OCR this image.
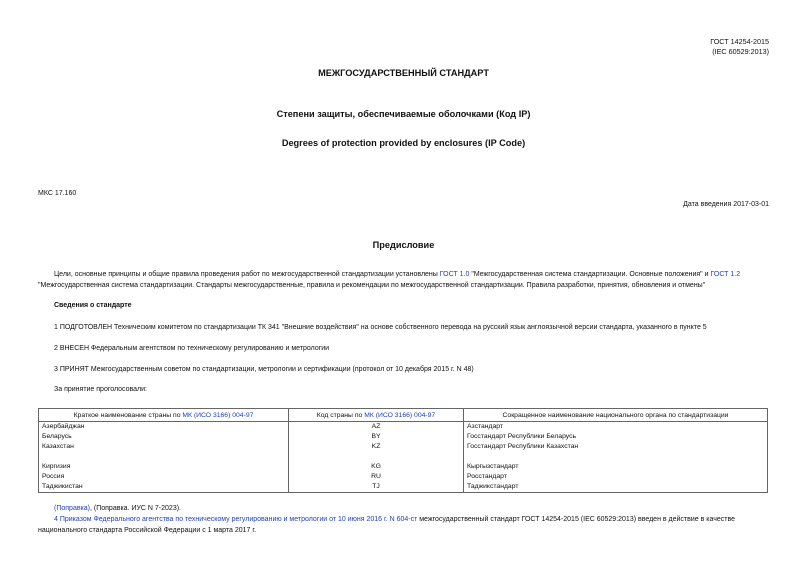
ГОСТ 14254-2015
(IEC 60529:2013)
МЕЖГОСУДАРСТВЕННЫЙ СТАНДАРТ
Степени защиты, обеспечиваемые оболочками (Код IP)
Degrees of protection provided by enclosures (IP Code)
МКС 17.160
Дата введения 2017-03-01
Предисловие

Цели, основные принципы и общие правила проведения работ по межгосударственной стандартизации установлены ГОСТ 1.0 "Межгосударственная система стандартизации. Основные положения" и ГОСТ 1.2 "Межгосударственная система стандартизации. Стандарты межгосударственные, правила и рекомендации по межгосударственной стандартизации. Правила разработки, принятия, обновления и отмены"

Сведения о стандарте

1 ПОДГОТОВЛЕН Техническим комитетом по стандартизации ТК 341 "Внешние воздействия" на основе собственного перевода на русский язык англоязычной версии стандарта, указанного в пункте 5

2 ВНЕСЕН Федеральным агентством по техническому регулированию и метрологии

3 ПРИНЯТ Межгосударственным советом по стандартизации, метрологии и сертификации (протокол от 10 декабря 2015 г. N 48)

За принятие проголосовали:

Краткое наименование страны по МК (ИСО 3166) 004-97	Код страны по МК (ИСО 3166) 004-97	Сокращенное наименование национального органа по стандартизации
Азербайджан	AZ	Азстандарт
Беларусь	BY	Госстандарт Республики Беларусь
Казахстан	KZ	Госстандарт Республики Казахстан

Киргизия	KG	Кыргызстандарт
Россия	RU	Росстандарт
Таджикистан	TJ	Таджикстандарт

(Поправка), (Поправка. ИУС N 7-2023).

4 Приказом Федерального агентства по техническому регулированию и метрологии от 10 июня 2016 г. N 604-ст межгосударственный стандарт ГОСТ 14254-2015 (IEC 60529:2013) введен в действие в качестве национального стандарта Российской Федерации с 1 марта 2017 г.
